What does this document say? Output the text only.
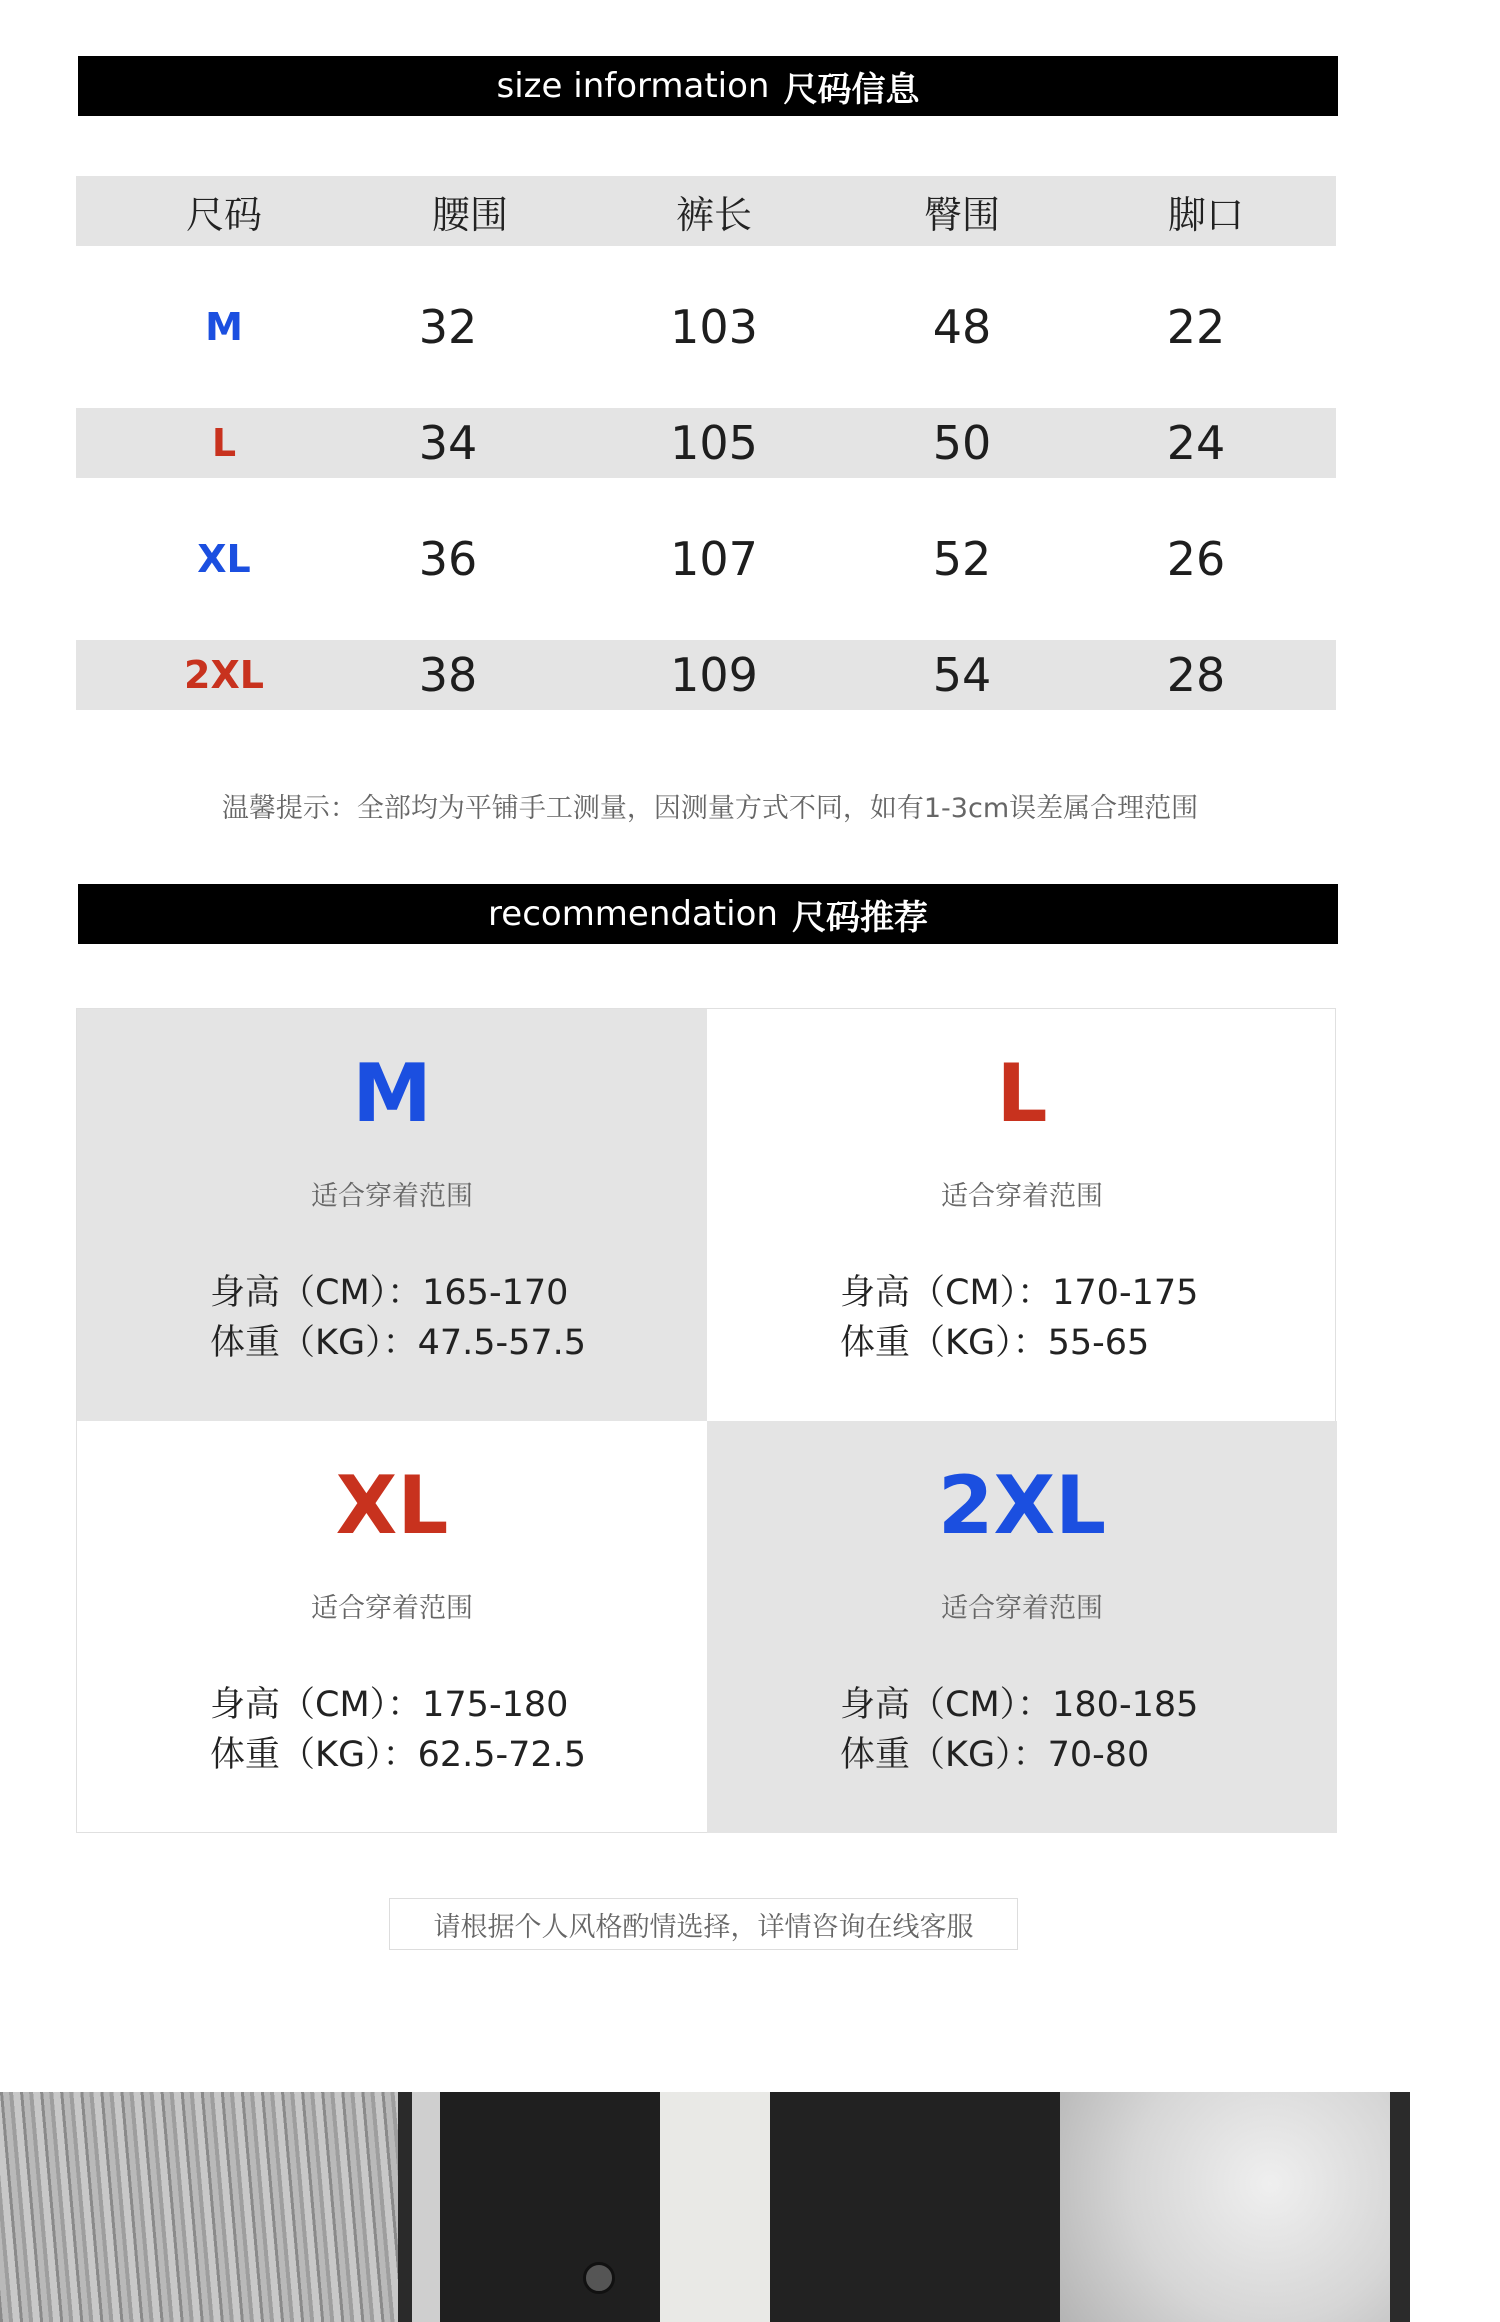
size information 尺码信息
尺码	腰围	裤长	臀围	脚口
M	32	103	48	22
L	34	105	50	24
XL	36	107	52	26
2XL	38	109	54	28
温馨提示：全部均为平铺手工测量，因测量方式不同，如有1-3cm误差属合理范围
recommendation 尺码推荐
M
适合穿着范围
身高（CM）：165-170
体重（KG）：47.5-57.5
L
适合穿着范围
身高（CM）：170-175
体重（KG）：55-65
XL
适合穿着范围
身高（CM）：175-180
体重（KG）：62.5-72.5
2XL
适合穿着范围
身高（CM）：180-185
体重（KG）：70-80
请根据个人风格酌情选择，详情咨询在线客服
